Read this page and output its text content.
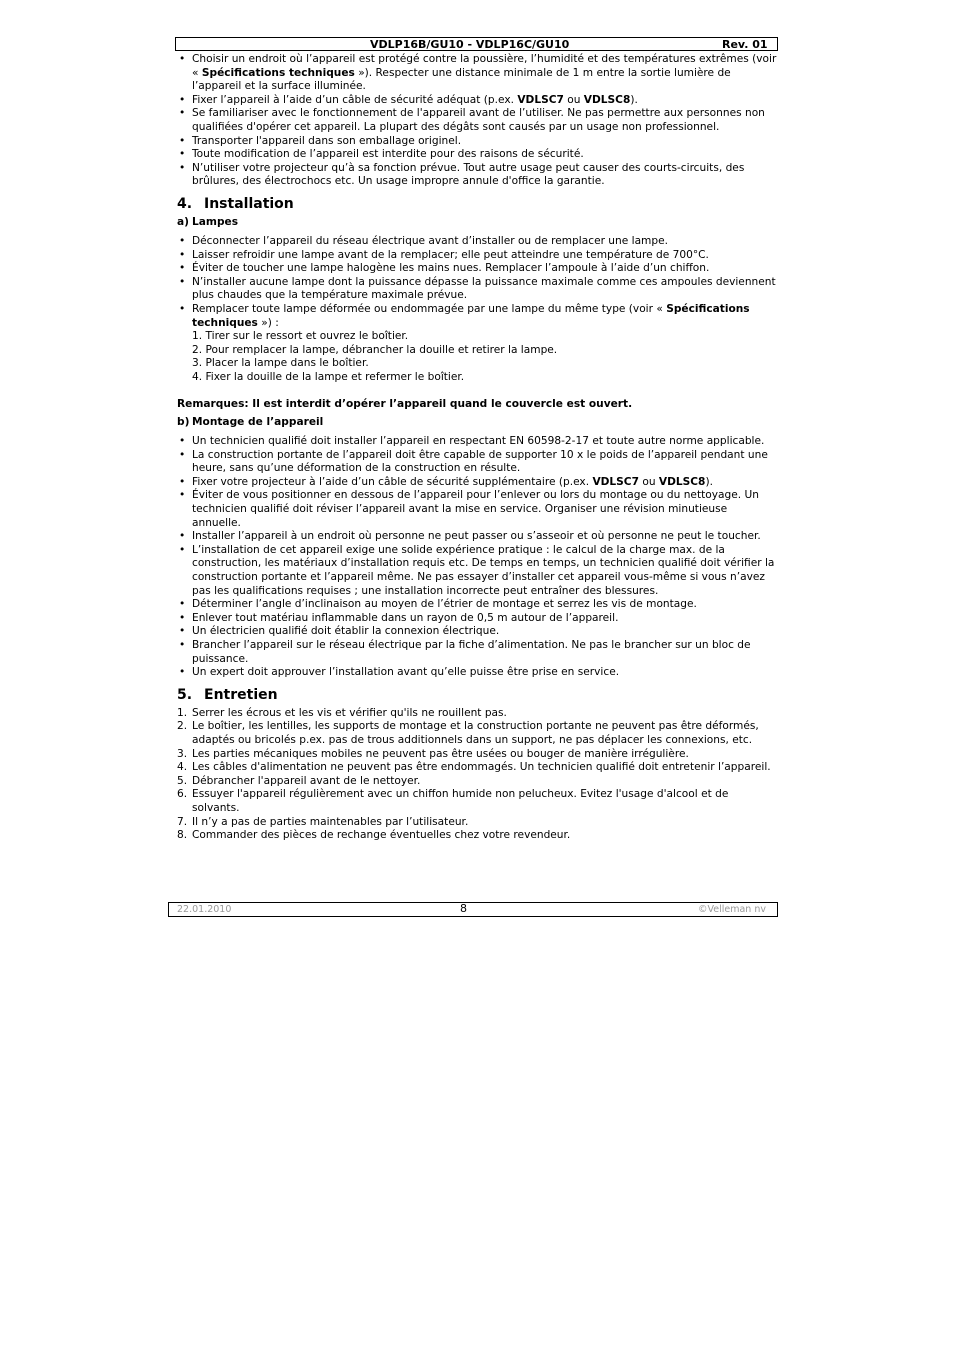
VDLP16B/GU10 - VDLP16C/GU10	Rev. 01
• Choisir un endroit où l’appareil est protégé contre la poussière, l’humidité et des températures extrêmes (voir « Spécifications techniques »). Respecter une distance minimale de 1 m entre la sortie lumière de l’appareil et la surface illuminée.
• Fixer l’appareil à l’aide d’un câble de sécurité adéquat (p.ex. VDLSC7 ou VDLSC8).
• Se familiariser avec le fonctionnement de l'appareil avant de l’utiliser. Ne pas permettre aux personnes non qualifiées d'opérer cet appareil. La plupart des dégâts sont causés par un usage non professionnel.
• Transporter l'appareil dans son emballage originel.
• Toute modification de l’appareil est interdite pour des raisons de sécurité.
• N’utiliser votre projecteur qu’à sa fonction prévue. Tout autre usage peut causer des courts-circuits, des brûlures, des électrochocs etc. Un usage impropre annule d'office la garantie.
4. Installation
a) Lampes
• Déconnecter l’appareil du réseau électrique avant d’installer ou de remplacer une lampe.
• Laisser refroidir une lampe avant de la remplacer; elle peut atteindre une température de 700°C.
• Éviter de toucher une lampe halogène les mains nues. Remplacer l’ampoule à l’aide d’un chiffon.
• N’installer aucune lampe dont la puissance dépasse la puissance maximale comme ces ampoules deviennent plus chaudes que la température maximale prévue.
• Remplacer toute lampe déformée ou endommagée par une lampe du même type (voir « Spécifications techniques ») :
1. Tirer sur le ressort et ouvrez le boîtier.
2. Pour remplacer la lampe, débrancher la douille et retirer la lampe.
3. Placer la lampe dans le boîtier.
4. Fixer la douille de la lampe et refermer le boîtier.
Remarques: Il est interdit d’opérer l’appareil quand le couvercle est ouvert.
b) Montage de l’appareil
• Un technicien qualifié doit installer l’appareil en respectant EN 60598-2-17 et toute autre norme applicable.
• La construction portante de l’appareil doit être capable de supporter 10 x le poids de l’appareil pendant une heure, sans qu’une déformation de la construction en résulte.
• Fixer votre projecteur à l’aide d’un câble de sécurité supplémentaire (p.ex. VDLSC7 ou VDLSC8).
• Éviter de vous positionner en dessous de l’appareil pour l’enlever ou lors du montage ou du nettoyage. Un technicien qualifié doit réviser l’appareil avant la mise en service. Organiser une révision minutieuse annuelle.
• Installer l’appareil à un endroit où personne ne peut passer ou s’asseoir et où personne ne peut le toucher.
• L’installation de cet appareil exige une solide expérience pratique : le calcul de la charge max. de la construction, les matériaux d’installation requis etc. De temps en temps, un technicien qualifié doit vérifier la construction portante et l’appareil même. Ne pas essayer d’installer cet appareil vous-même si vous n’avez pas les qualifications requises ; une installation incorrecte peut entraîner des blessures.
• Déterminer l’angle d’inclinaison au moyen de l’étrier de montage et serrez les vis de montage.
• Enlever tout matériau inflammable dans un rayon de 0,5 m autour de l’appareil.
• Un électricien qualifié doit établir la connexion électrique.
• Brancher l’appareil sur le réseau électrique par la fiche d’alimentation. Ne pas le brancher sur un bloc de puissance.
• Un expert doit approuver l’installation avant qu’elle puisse être prise en service.
5. Entretien
1. Serrer les écrous et les vis et vérifier qu'ils ne rouillent pas.
2. Le boîtier, les lentilles, les supports de montage et la construction portante ne peuvent pas être déformés, adaptés ou bricolés p.ex. pas de trous additionnels dans un support, ne pas déplacer les connexions, etc.
3. Les parties mécaniques mobiles ne peuvent pas être usées ou bouger de manière irrégulière.
4. Les câbles d'alimentation ne peuvent pas être endommagés. Un technicien qualifié doit entretenir l’appareil.
5. Débrancher l'appareil avant de le nettoyer.
6. Essuyer l'appareil régulièrement avec un chiffon humide non pelucheux. Evitez l'usage d'alcool et de solvants.
7. Il n’y a pas de parties maintenables par l’utilisateur.
8. Commander des pièces de rechange éventuelles chez votre revendeur.
22.01.2010	8	©Velleman nv
